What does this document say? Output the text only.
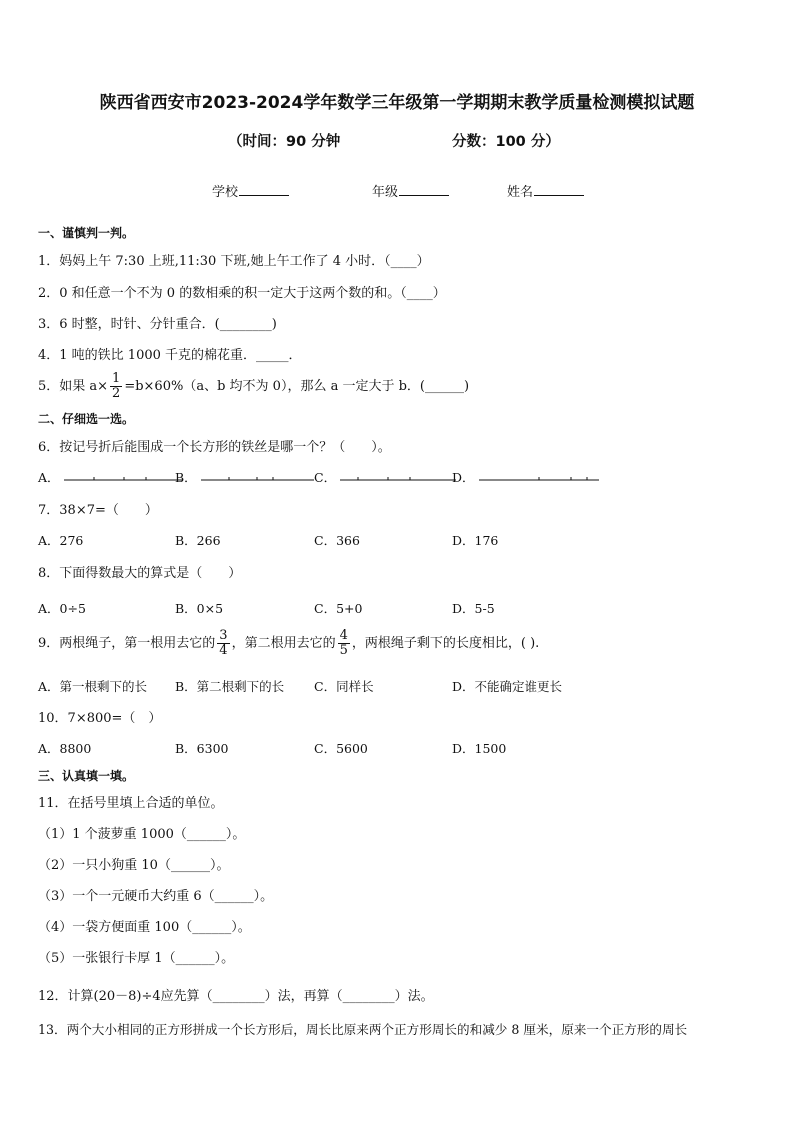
陕西省西安市2023-2024学年数学三年级第一学期期末教学质量检测模拟试题
（时间：90 分钟	分数：100 分）
学校	年级	姓名
一、谨慎判一判。
1．妈妈上午 7:30 上班,11:30 下班,她上午工作了 4 小时．（____）
2．0 和任意一个不为 0 的数相乘的积一定大于这两个数的和。（____）
3．6 时整，时针、分针重合．(________)
4．1 吨的铁比 1000 千克的棉花重．_____．
5．如果 $a\times \frac{1}{2} =b\times 60\%(a$、b 均不为 0），那么 a 一定大于 b．(______)
二、仔细选一选。
6．按记号折后能围成一个长方形的铁丝是哪一个？（　　）。
A．	B．	C．	D．
7．38×7=（　　）
A．276	B．266	C．366	D．176
8．下面得数最大的算式是（　　）
A．0÷5	B．0×5	C．5+0	D．5-5
9．两根绳子，第一根用去它的 $\frac{3}{4}$ ，第二根用去它的 $\frac{4}{5}$ ，两根绳子剩下的长度相比，( ).
A．第一根剩下的长 B．第二根剩下的长 C．同样长	D．不能确定谁更长
10．7×800=（　）
A．8800	B．6300	C．5600	D．1500
三、认真填一填。
11．在括号里填上合适的单位。
（1）1 个菠萝重 1000（______）。
（2）一只小狗重 10（______）。
（3）一个一元硬币大约重 6（______）。
（4）一袋方便面重 100（______）。
（5）一张银行卡厚 1（______）。
12．计算(20－8)÷4应先算（________）法，再算（________）法。
13．两个大小相同的正方形拼成一个长方形后，周长比原来两个正方形周长的和减少 8 厘米，原来一个正方形的周长
